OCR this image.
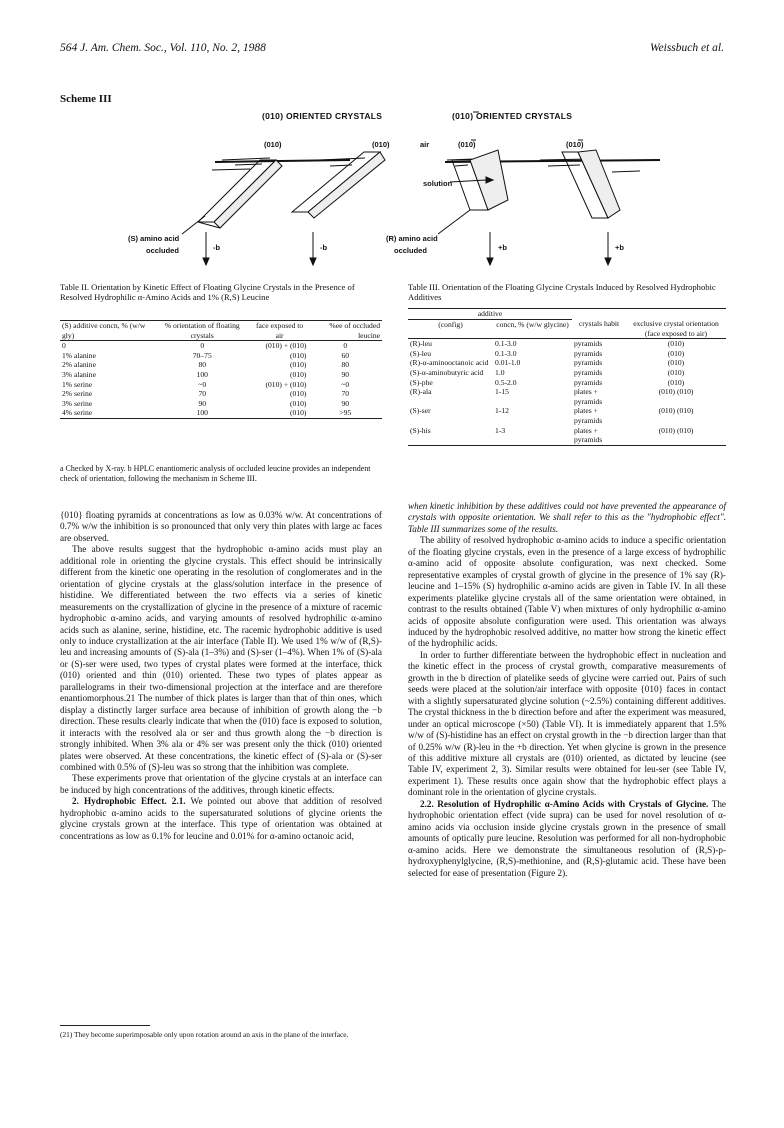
564 J. Am. Chem. Soc., Vol. 110, No. 2, 1988	Weissbuch et al.
Scheme III
(010) ORIENTED CRYSTALS	(010) ORIENTED CRYSTALS
(010)	(010)	air	(010)	(010)
solution
(S) amino acid
occluded
(R) amino acid
occluded
-b	-b	+b	+b
Table II. Orientation by Kinetic Effect of Floating Glycine Crystals in the Presence of Resolved Hydrophilic α-Amino Acids and 1% (R,S) Leucine
(S) additive concn, % (w/w gly)	% orientation of floating crystals	face exposed to air	%ee of occluded leucine
0	0	(010) + (010)	0
1% alanine	70–75	(010)	60
2% alanine	80	(010)	80
3% alanine	100	(010)	90
1% serine	~0	(010) + (010)	~0
2% serine	70	(010)	70
3% serine	90	(010)	90
4% serine	100	(010)	>95
a Checked by X-ray. b HPLC enantiomeric analysis of occluded leucine provides an independent check of orientation, following the mechanism in Scheme III.
Table III. Orientation of the Floating Glycine Crystals Induced by Resolved Hydrophobic Additives
additive			
(config)	concn, % (w/w glycine)	crystals habit	exclusive crystal orientation (face exposed to air)
(R)-leu	0.1-3.0	pyramids	(010)
(S)-leu	0.1-3.0	pyramids	(010)
(R)-α-aminooctanoic acid	0.01-1.0	pyramids	(010)
(S)-α-aminobutyric acid	1.0	pyramids	(010)
(S)-phe	0.5-2.0	pyramids	(010)
(R)-ala	1-15	plates + pyramids	(010) (010)
(S)-ser	1-12	plates + pyramids	(010) (010)
(S)-his	1-3	plates + pyramids	(010) (010)

{010} floating pyramids at concentrations as low as 0.03% w/w. At concentrations of 0.7% w/w the inhibition is so pronounced that only very thin plates with large ac faces are observed.

The above results suggest that the hydrophobic α-amino acids must play an additional role in orienting the glycine crystals. This effect should be intrinsically different from the kinetic one operating in the resolution of conglomerates and in the orientation of glycine crystals at the glass/solution interface in the presence of histidine. We differentiated between the two effects via a series of kinetic measurements on the crystallization of glycine in the presence of a mixture of racemic hydrophobic α-amino acids, and varying amounts of resolved hydrophilic α-amino acids such as alanine, serine, histidine, etc. The racemic hydrophobic additive is used only to induce crystallization at the air interface (Table II). We used 1% w/w of (R,S)-leu and increasing amounts of (S)-ala (1–3%) and (S)-ser (1–4%). When 1% of (S)-ala or (S)-ser were used, two types of crystal plates were formed at the interface, thick (010) oriented and thin (010) oriented. These two types of plates appear as parallelograms in their two-dimensional projection at the interface and are therefore enantiomorphous.21 The number of thick plates is larger than that of thin ones, which display a distinctly larger surface area because of inhibition of growth along the −b direction. These results clearly indicate that when the (010) face is exposed to solution, it interacts with the resolved ala or ser and thus growth along the −b direction is strongly inhibited. When 3% ala or 4% ser was present only the thick (010) oriented plates were observed. At these concentrations, the kinetic effect of (S)-ala or (S)-ser combined with 0.5% of (S)-leu was so strong that the inhibition was complete.

These experiments prove that orientation of the glycine crystals at an interface can be induced by high concentrations of the additives, through kinetic effects.

2. Hydrophobic Effect. 2.1. We pointed out above that addition of resolved hydrophobic α-amino acids to the supersaturated solutions of glycine orients the glycine crystals grown at the interface. This type of orientation was obtained at concentrations as low as 0.1% for leucine and 0.01% for α-amino octanoic acid,

(21) They become superimposable only upon rotation around an axis in the plane of the interface.

when kinetic inhibition by these additives could not have prevented the appearance of crystals with opposite orientation. We shall refer to this as the "hydrophobic effect". Table III summarizes some of the results.

The ability of resolved hydrophobic α-amino acids to induce a specific orientation of the floating glycine crystals, even in the presence of a large excess of hydrophilic α-amino acid of opposite absolute configuration, was next checked. Some representative examples of crystal growth of glycine in the presence of 1% say (R)-leucine and 1–15% (S) hydrophilic α-amino acids are given in Table IV. In all these experiments platelike glycine crystals all of the same orientation were obtained, in contrast to the results obtained (Table V) when mixtures of only hydrophilic α-amino acids of opposite absolute configuration were used. This orientation was always induced by the hydrophobic resolved additive, no matter how strong the kinetic effect of the hydrophilic acids.

In order to further differentiate between the hydrophobic effect in nucleation and the kinetic effect in the process of crystal growth, comparative measurements of growth in the b direction of platelike seeds of glycine were carried out. Pairs of such seeds were placed at the solution/air interface with opposite {010} faces in contact with a slightly supersaturated glycine solution (~2.5%) containing different additives. The crystal thickness in the b direction before and after the experiment was measured, under an optical microscope (×50) (Table VI). It is immediately apparent that 1.5% w/w of (S)-histidine has an effect on crystal growth in the −b direction larger than that of 0.25% w/w (R)-leu in the +b direction. Yet when glycine is grown in the presence of this additive mixture all crystals are (010) oriented, as dictated by leucine (see Table IV, experiment 2, 3). Similar results were obtained for leu-ser (see Table IV, experiment 1). These results once again show that the hydrophobic effect plays a dominant role in the orientation of glycine crystals.

2.2. Resolution of Hydrophilic α-Amino Acids with Crystals of Glycine. The hydrophobic orientation effect (vide supra) can be used for novel resolution of α-amino acids via occlusion inside glycine crystals grown in the presence of small amounts of optically pure leucine. Resolution was performed for all non-hydrophobic α-amino acids. Here we demonstrate the simultaneous resolution of (R,S)-p-hydroxyphenylglycine, (R,S)-methionine, and (R,S)-glutamic acid. These have been selected for ease of presentation (Figure 2).
